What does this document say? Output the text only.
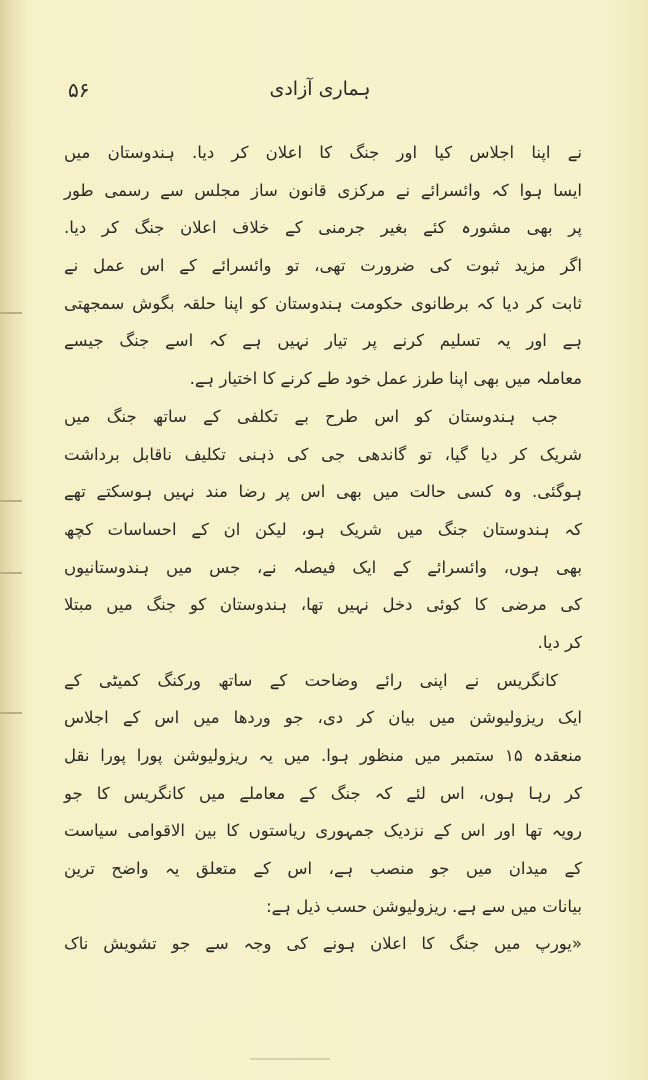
۵۶	ہماری آزادی
نے اپنا اجلاس کیا اور جنگ کا اعلان کر دیا. ہندوستان میں
ایسا ہوا کہ وائسرائے نے مرکزی قانون ساز مجلس سے رسمی طور
پر بھی مشورہ کئے بغیر جرمنی کے خلاف اعلان جنگ کر دیا.
اگر مزید ثبوت کی ضرورت تھی، تو وائسرائے کے اس عمل نے
ثابت کر دیا کہ برطانوی حکومت ہندوستان کو اپنا حلقہ بگوش سمجھتی
ہے اور یہ تسلیم کرنے پر تیار نہیں ہے کہ اسے جنگ جیسے
معاملہ میں بھی اپنا طرز عمل خود طے کرنے کا اختیار ہے.
جب ہندوستان کو اس طرح بے تکلفی کے ساتھ جنگ میں
شریک کر دیا گیا، تو گاندھی جی کی ذہنی تکلیف ناقابل برداشت
ہوگئی. وہ کسی حالت میں بھی اس پر رضا مند نہیں ہوسکتے تھے
کہ ہندوستان جنگ میں شریک ہو، لیکن ان کے احساسات کچھ
بھی ہوں، وائسرائے کے ایک فیصلہ نے، جس میں ہندوستانیوں
کی مرضی کا کوئی دخل نہیں تھا، ہندوستان کو جنگ میں مبتلا
کر دیا.
کانگریس نے اپنی رائے وضاحت کے ساتھ ورکنگ کمیٹی کے
ایک ریزولیوشن میں بیان کر دی، جو وردھا میں اس کے اجلاس
منعقدہ ۱۵ ستمبر میں منظور ہوا. میں یہ ریزولیوشن پورا پورا نقل
کر رہا ہوں، اس لئے کہ جنگ کے معاملے میں کانگریس کا جو
رویہ تھا اور اس کے نزدیک جمہوری ریاستوں کا بین الاقوامی سیاست
کے میدان میں جو منصب ہے، اس کے متعلق یہ واضح ترین
بیانات میں سے ہے. ریزولیوشن حسب ذیل ہے:
«یورپ میں جنگ کا اعلان ہونے کی وجہ سے جو تشویش ناک
